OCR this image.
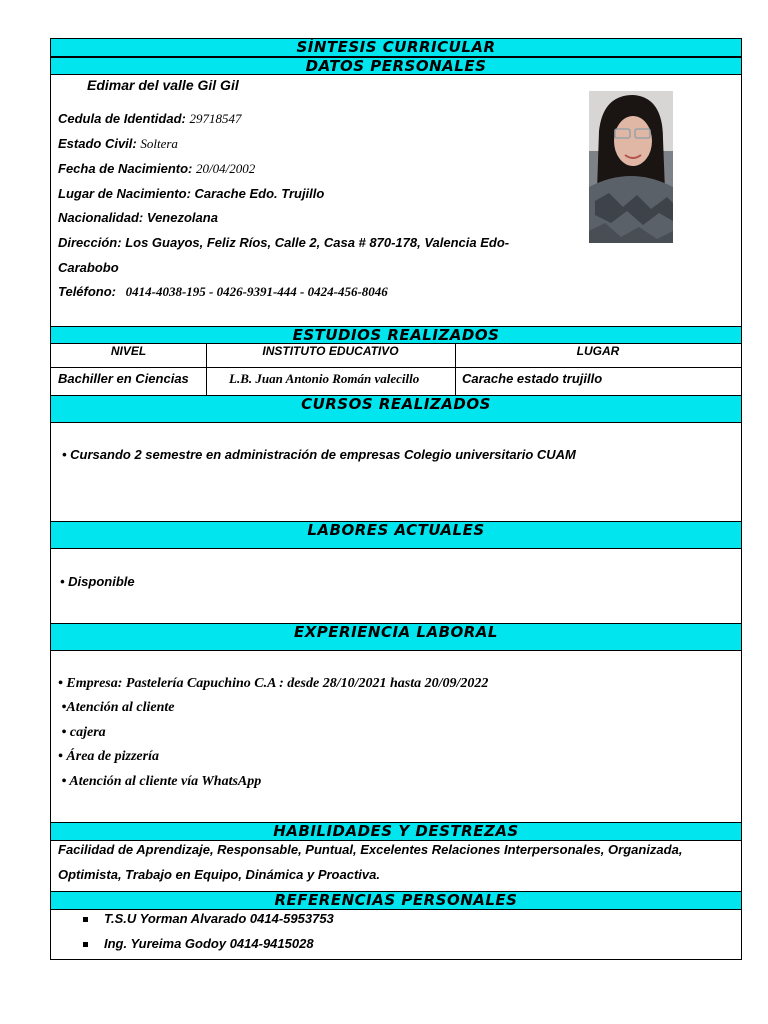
SÍNTESIS CURRICULAR
DATOS PERSONALES
Edimar del valle Gil Gil
Cedula de Identidad: 29718547
Estado Civil: Soltera
Fecha de Nacimiento: 20/04/2002
Lugar de Nacimiento: Carache Edo. Trujillo
Nacionalidad: Venezolana
Dirección: Los Guayos, Feliz Ríos, Calle 2, Casa # 870-178, Valencia Edo-
Carabobo
Teléfono: 0414-4038-195 - 0426-9391-444 - 0424-456-8046
ESTUDIOS REALIZADOS
NIVEL	INSTITUTO EDUCATIVO	LUGAR
Bachiller en Ciencias	L.B. Juan Antonio Román valecillo	Carache estado trujillo
CURSOS REALIZADOS
• Cursando 2 semestre en administración de empresas Colegio universitario CUAM
LABORES ACTUALES
• Disponible
EXPERIENCIA LABORAL
• Empresa: Pastelería Capuchino C.A : desde 28/10/2021 hasta 20/09/2022
•Atención al cliente
• cajera
• Área de pizzería
• Atención al cliente vía WhatsApp
HABILIDADES Y DESTREZAS
Facilidad de Aprendizaje, Responsable, Puntual, Excelentes Relaciones Interpersonales, Organizada,
Optimista, Trabajo en Equipo, Dinámica y Proactiva.
REFERENCIAS PERSONALES
T.S.U Yorman Alvarado 0414-5953753
Ing. Yureima Godoy 0414-9415028
